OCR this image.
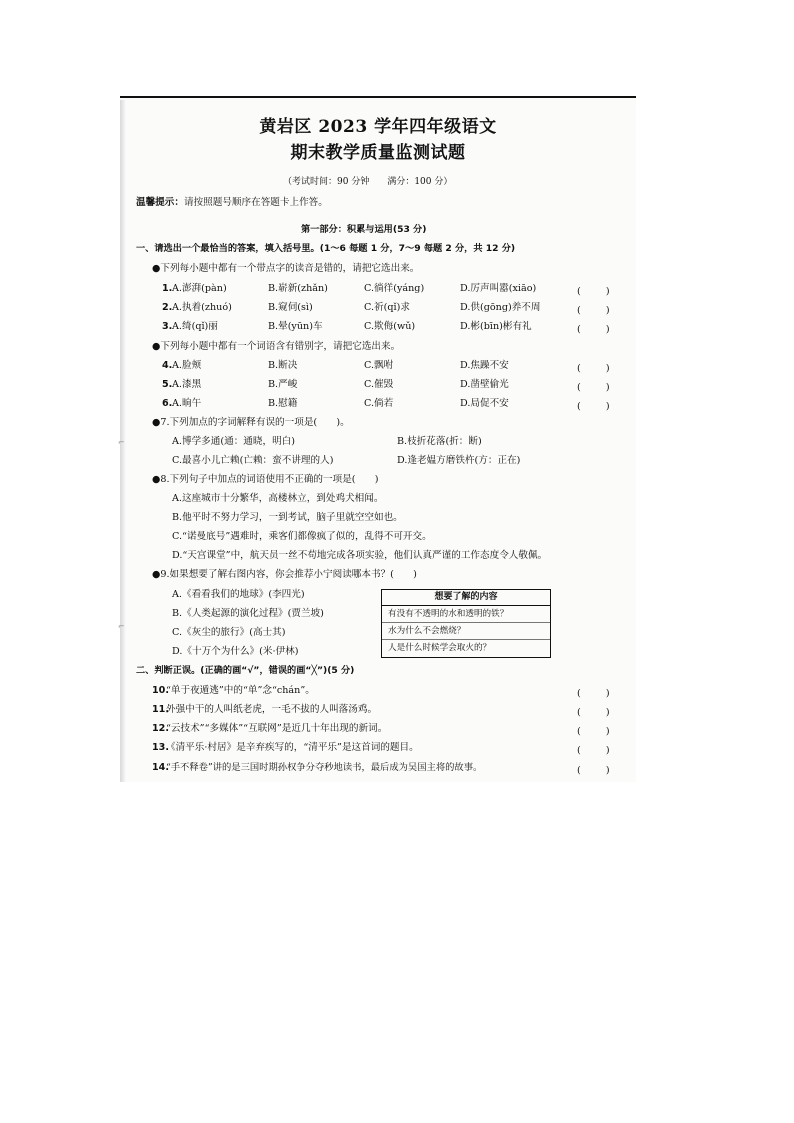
⌐
⌐
黄岩区 2023 学年四年级语文
期末教学质量监测试题
（考试时间：90 分钟　　满分：100 分）
温馨提示：请按照题号顺序在答题卡上作答。
第一部分：积累与运用(53 分)
一、请选出一个最恰当的答案，填入括号里。(1～6 每题 1 分，7～9 每题 2 分，共 12 分)
●下列每小题中都有一个带点字的读音是错的，请把它选出来。
1. A.澎湃(pàn)	B.崭新(zhǎn)	C.徜徉(yáng)	D.厉声叫嚣(xiāo)	(　　)
2. A.执着(zhuó)	B.窥伺(sì)	C.祈(qǐ)求	D.供(gōng)养不周	(　　)
3. A.绮(qǐ)丽	B.晕(yūn)车	C.欺侮(wǔ)	D.彬(bīn)彬有礼	(　　)
●下列每小题中都有一个词语含有错别字，请把它选出来。
4. A.脸颊	B.断决	C.飘咐	D.焦躁不安	(　　)
5. A.漆黑	B.严峻	C.催毁	D.凿壁偷光	(　　)
6. A.晌午	B.慰籍	C.倘若	D.局促不安	(　　)
●7.下列加点的字词解释有误的一项是(　　)。
A.博学多通(通：通晓，明白)	B.枝折花落(折：断)
C.最喜小儿亡赖(亡赖：蛮不讲理的人)	D.逢老媪方磨铁杵(方：正在)
●8.下列句子中加点的词语使用不正确的一项是(　　)
A.这座城市十分繁华，高楼林立，到处鸡犬相闻。
B.他平时不努力学习，一到考试，脑子里就空空如也。
C.“诺曼底号”遇难时，乘客们都像疯了似的，乱得不可开交。
D.“天宫课堂”中，航天员一丝不苟地完成各项实验，他们认真严谨的工作态度令人敬佩。
●9.如果想要了解右图内容，你会推荐小宁阅读哪本书？(　　)
A.《看看我们的地球》(李四光)
B.《人类起源的演化过程》(贾兰坡)
C.《灰尘的旅行》(高士其)
D.《十万个为什么》(米·伊林)
想要了解的内容
有没有不透明的水和透明的铁？
水为什么不会燃烧？
人是什么时候学会取火的？
二、判断正误。(正确的画“√”，错误的画“╳”)(5 分)
10.
“单于夜遁逃”中的“单”念“chán”。	(　　)
11.
外强中干的人叫纸老虎，一毛不拔的人叫落汤鸡。	(　　)
12.
“云技术”“多媒体”“互联网”是近几十年出现的新词。	(　　)
13.
《清平乐·村居》是辛弃疾写的，“清平乐”是这首词的题目。	(　　)
14.
“手不释卷”讲的是三国时期孙权争分夺秒地读书，最后成为吴国主将的故事。	(　　)
